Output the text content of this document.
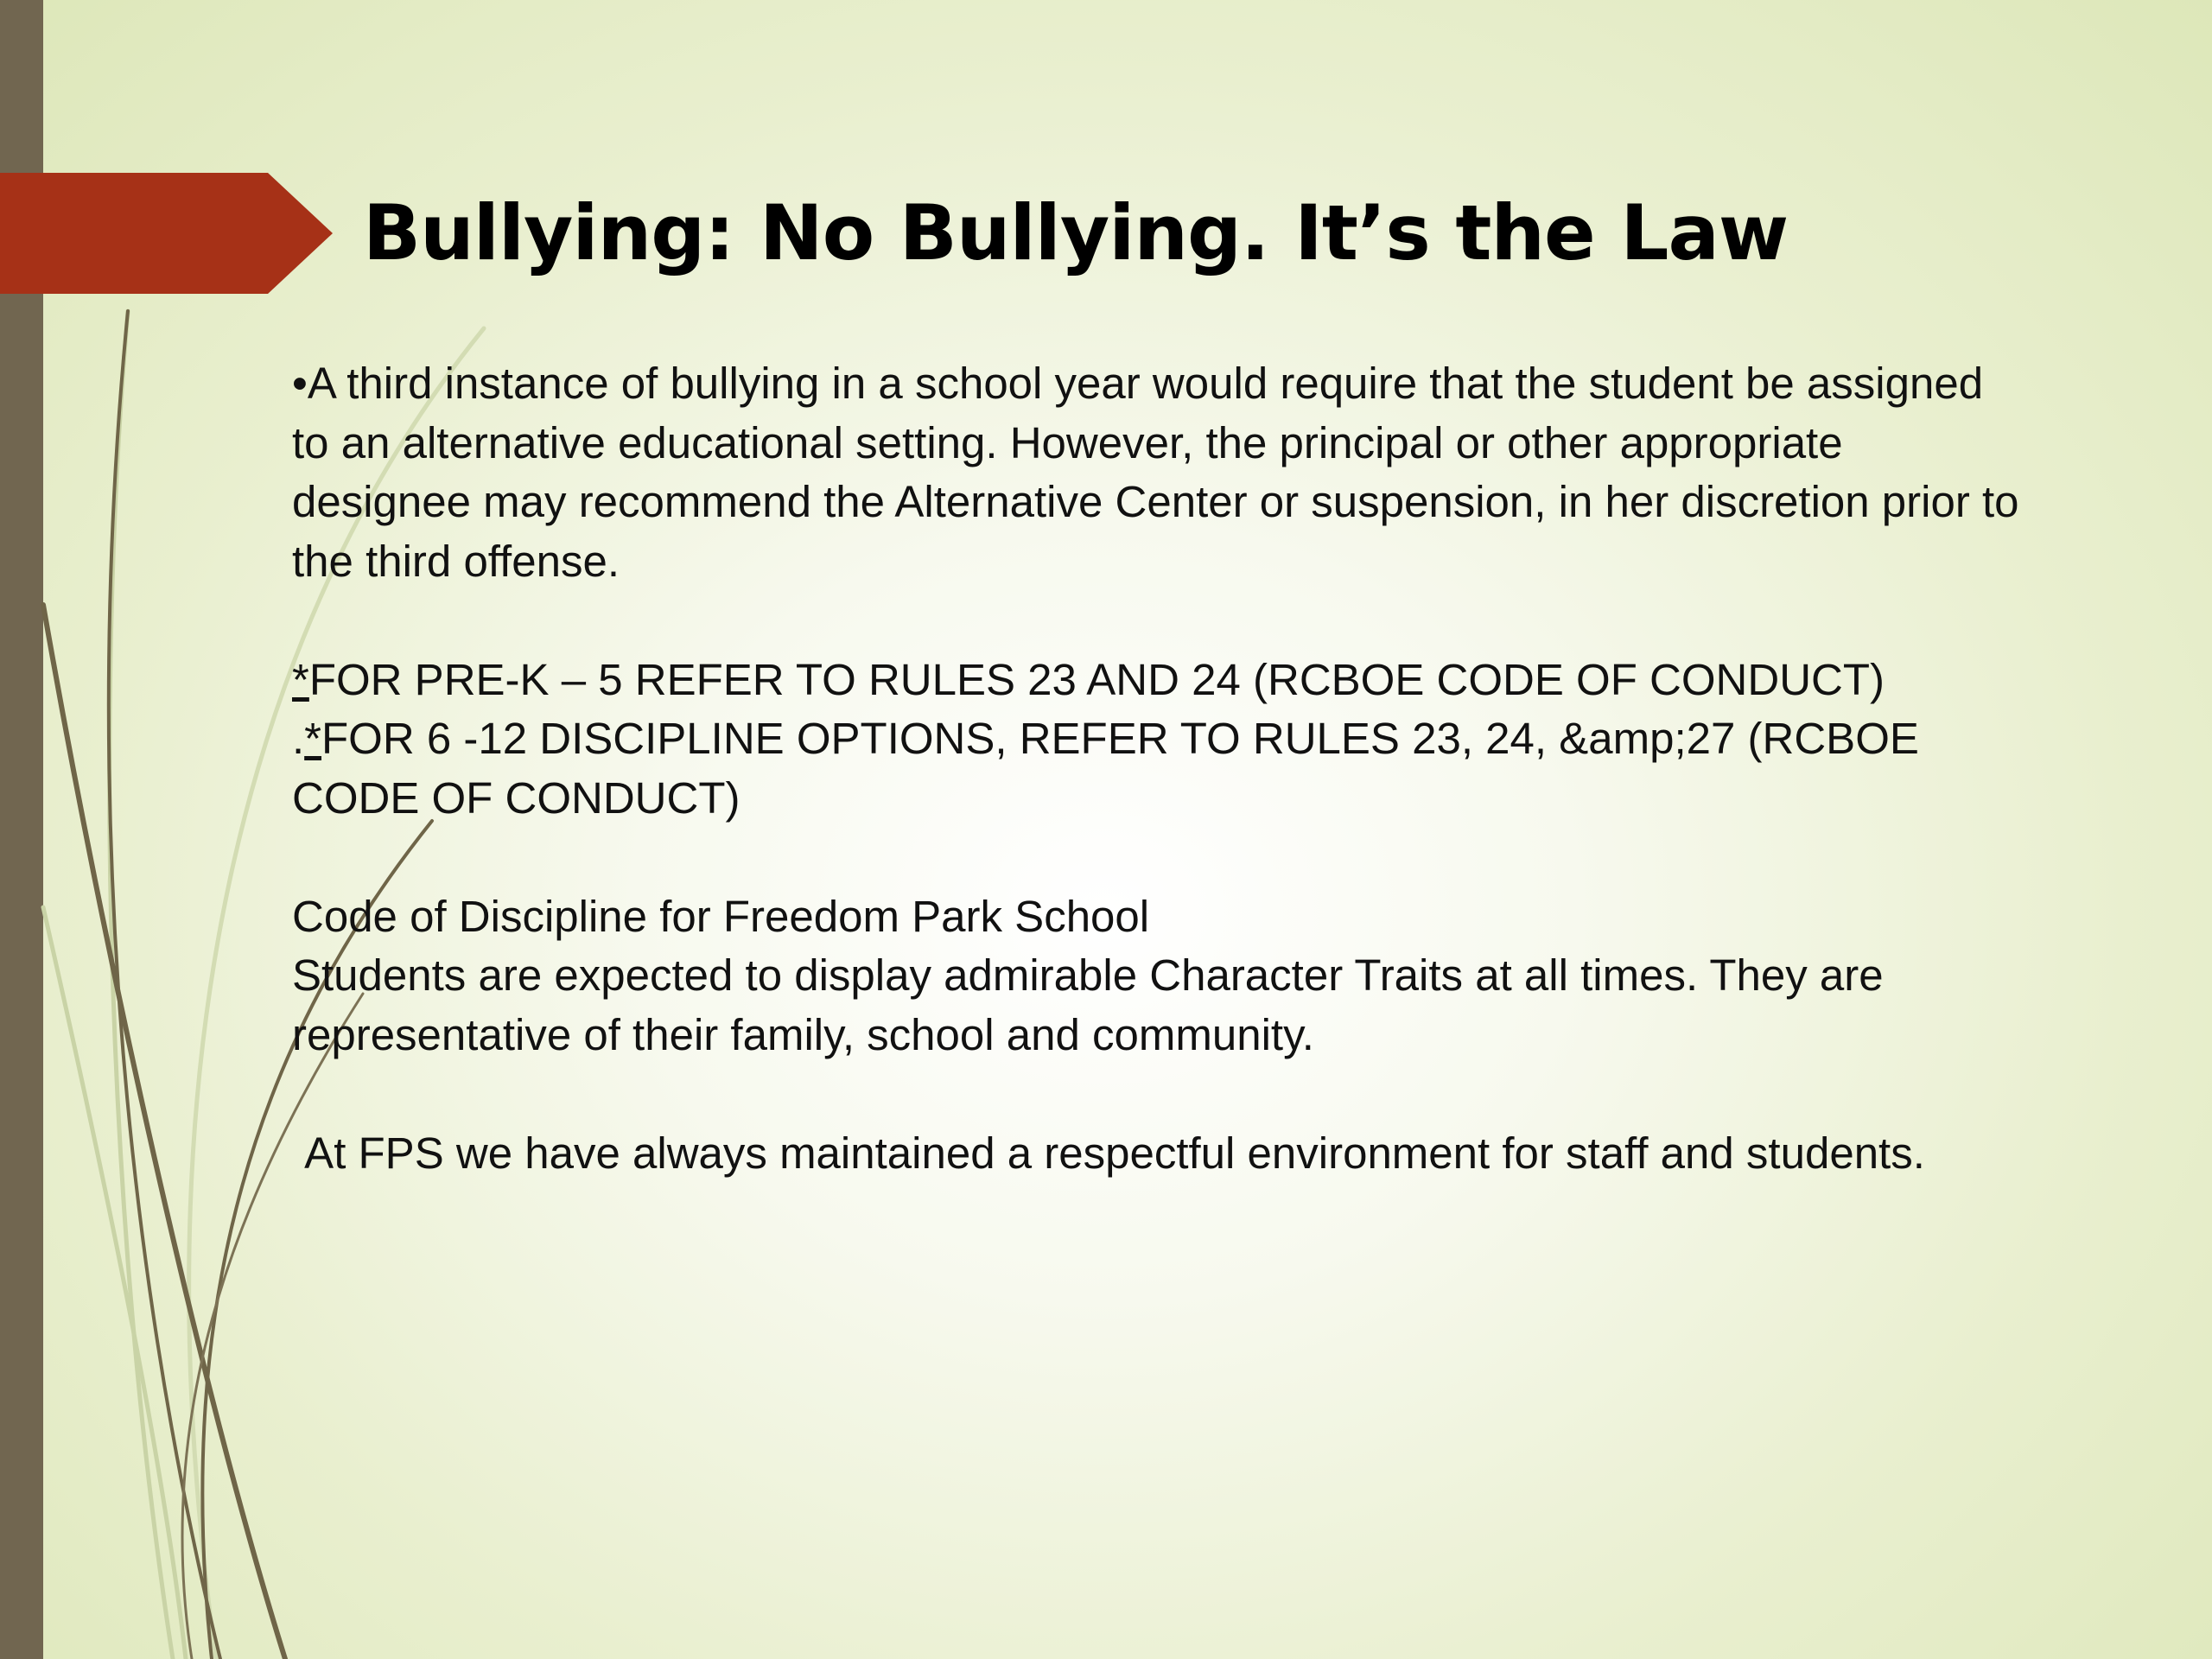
Bullying: No Bullying. It’s the Law

•A third instance of bullying in a school year would require that the student be assigned to an alternative educational setting. However, the principal or other appropriate designee may recommend the Alternative Center or suspension, in her discretion prior to the third offense.

*FOR PRE-K – 5 REFER TO RULES 23 AND 24 (RCBOE CODE OF CONDUCT)

.*FOR 6 -12 DISCIPLINE OPTIONS, REFER TO RULES 23, 24, &amp;27 (RCBOE CODE OF CONDUCT)

Code of Discipline for Freedom Park School

Students are expected to display admirable Character Traits at all times. They are representative of their family, school and community.

At FPS we have always maintained a respectful environment for staff and students.
